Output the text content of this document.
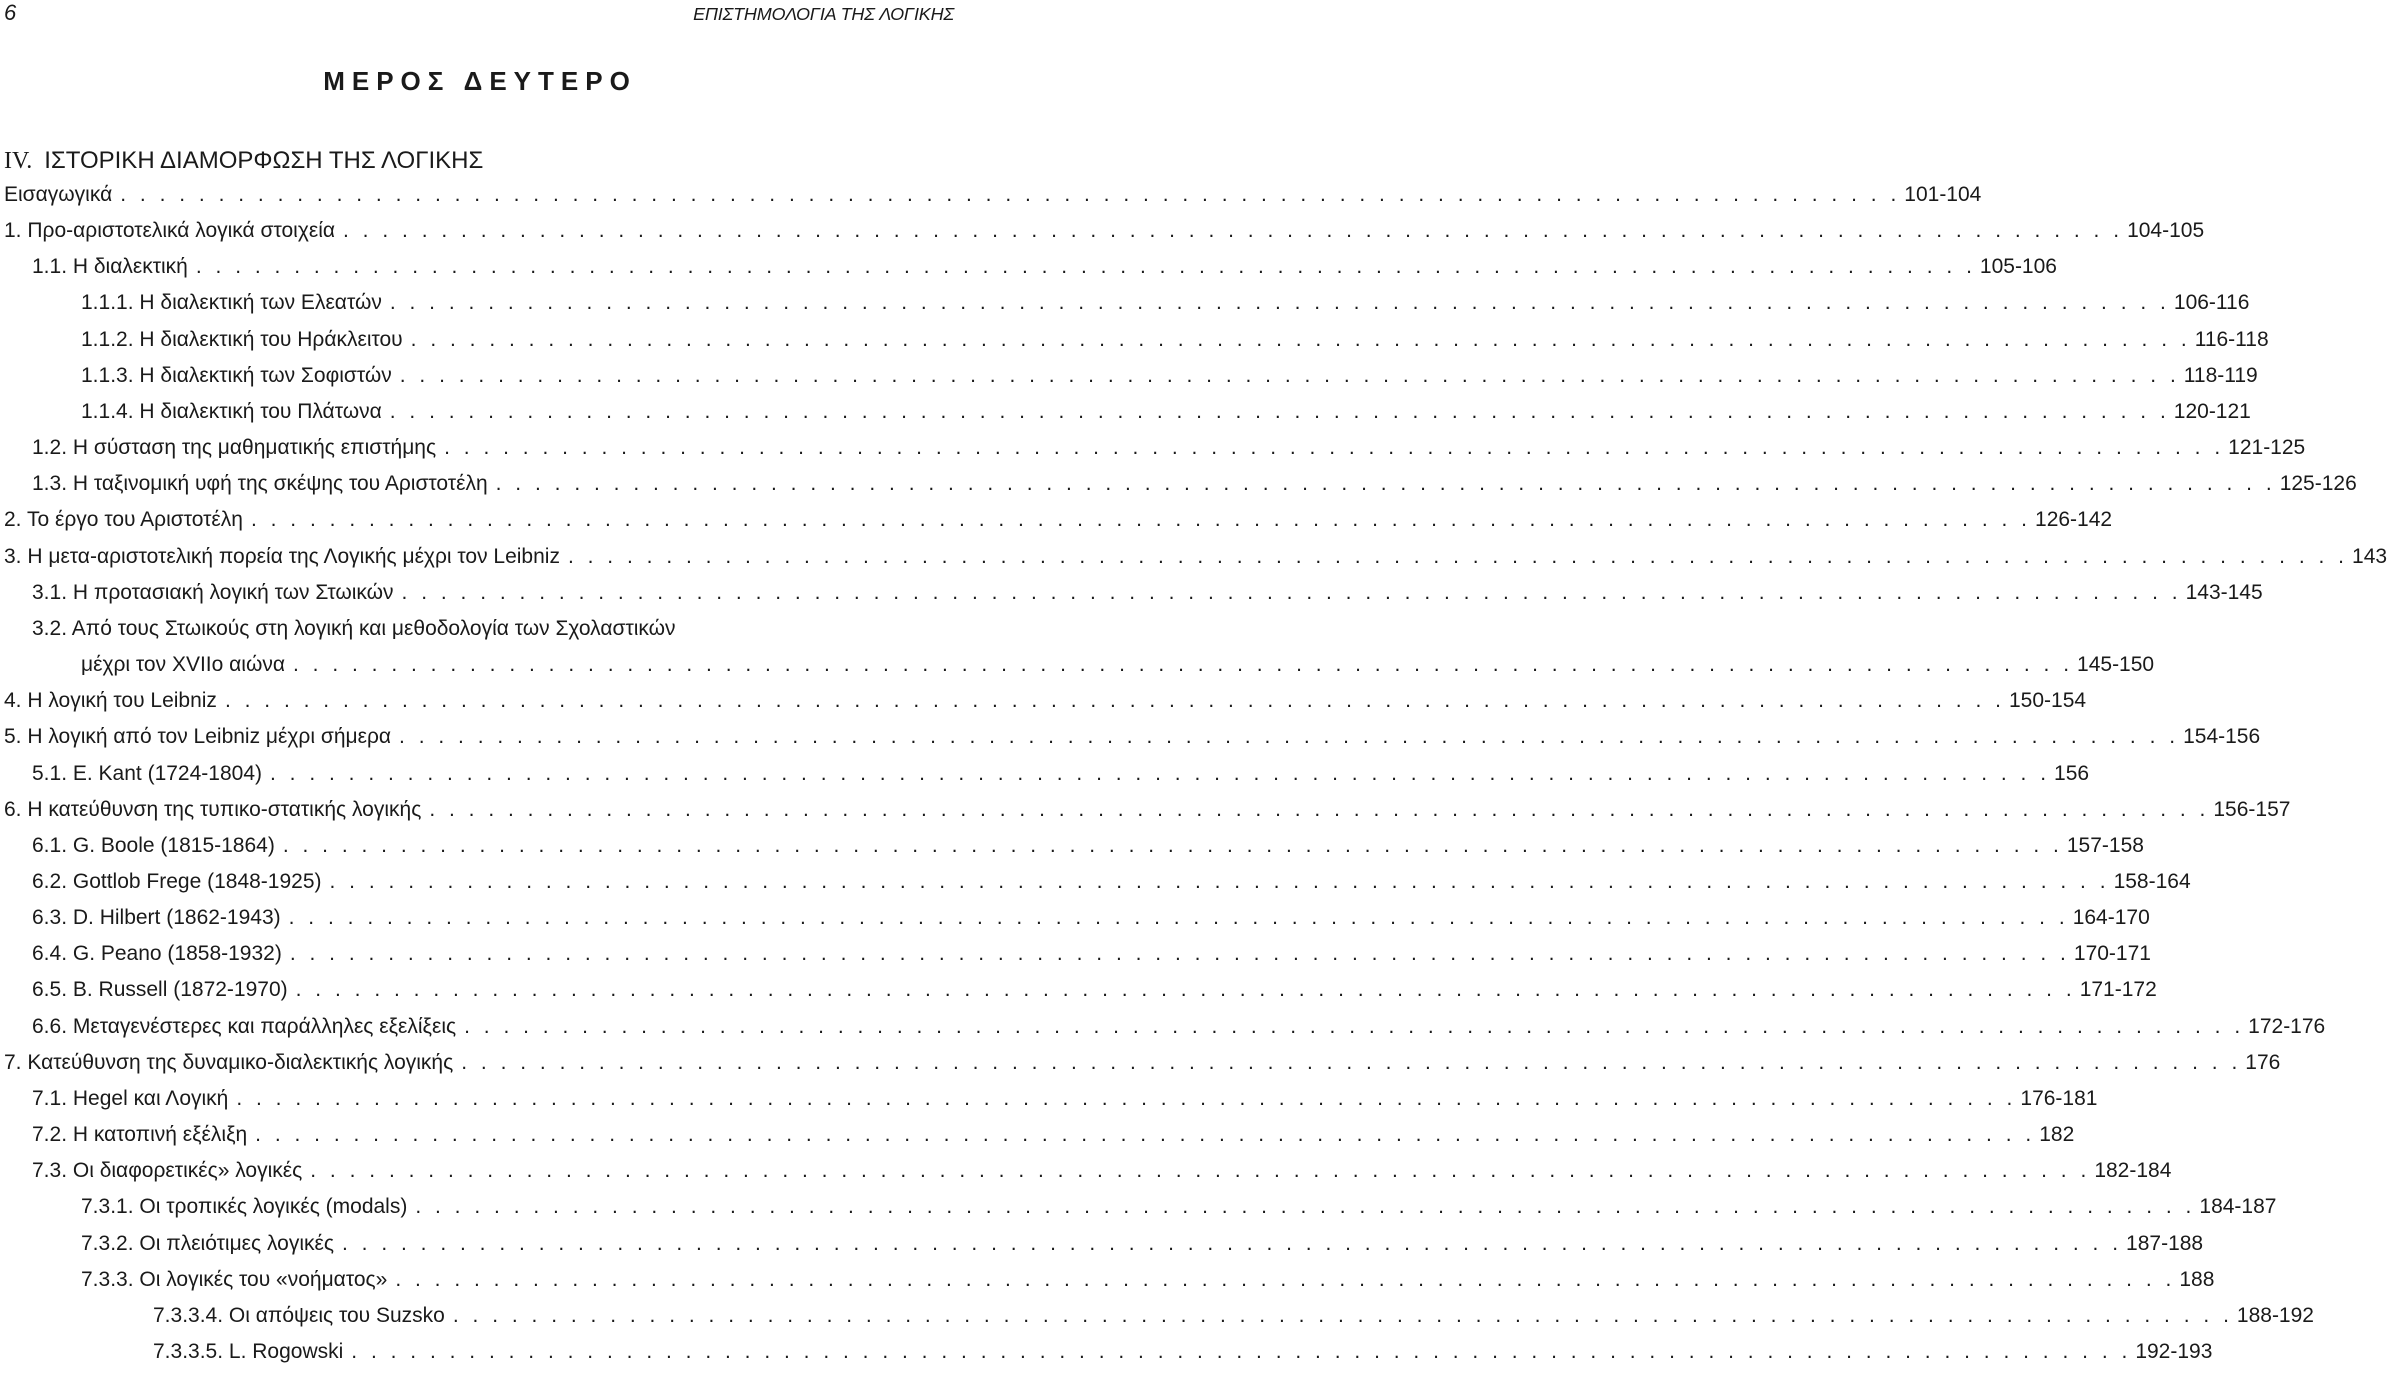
6	ΕΠΙΣΤΗΜΟΛΟΓΙΑ ΤΗΣ ΛΟΓΙΚΗΣ
ΜΕΡΟΣ ΔΕΥΤΕΡΟ
IV. ΙΣΤΟΡΙΚΗ ΔΙΑΜΟΡΦΩΣΗ ΤΗΣ ΛΟΓΙΚΗΣ
Εισαγωγικά . . . . . . . . . . . . . . . . . . . . . . . . . . . . . . . . . . . . . . . . . . . . . . . . . . . . . . . . . . . . . . . . . . . . . . . . . . . . . . . . . . . . . . . . . . . 101-104
1. Προ-αριστοτελικά λογικά στοιχεία . . . . . . . . . . . . . . . . . . . . . . . . . . . . . . . . . . . . . . . . . . . . . . . . . . . . . . . . . . . . . . . . . . . . . . . . . . . . . . . . . . . . . . . . . . . 104-105
1.1. Η διαλεκτική . . . . . . . . . . . . . . . . . . . . . . . . . . . . . . . . . . . . . . . . . . . . . . . . . . . . . . . . . . . . . . . . . . . . . . . . . . . . . . . . . . . . . . . . . . . 105-106
1.1.1. Η διαλεκτική των Ελεατών . . . . . . . . . . . . . . . . . . . . . . . . . . . . . . . . . . . . . . . . . . . . . . . . . . . . . . . . . . . . . . . . . . . . . . . . . . . . . . . . . . . . . . . . . . . 106-116
1.1.2. Η διαλεκτική του Ηράκλειτου . . . . . . . . . . . . . . . . . . . . . . . . . . . . . . . . . . . . . . . . . . . . . . . . . . . . . . . . . . . . . . . . . . . . . . . . . . . . . . . . . . . . . . . . . . . 116-118
1.1.3. Η διαλεκτική των Σοφιστών . . . . . . . . . . . . . . . . . . . . . . . . . . . . . . . . . . . . . . . . . . . . . . . . . . . . . . . . . . . . . . . . . . . . . . . . . . . . . . . . . . . . . . . . . . . 118-119
1.1.4. Η διαλεκτική του Πλάτωνα . . . . . . . . . . . . . . . . . . . . . . . . . . . . . . . . . . . . . . . . . . . . . . . . . . . . . . . . . . . . . . . . . . . . . . . . . . . . . . . . . . . . . . . . . . . 120-121
1.2. Η σύσταση της μαθηματικής επιστήμης . . . . . . . . . . . . . . . . . . . . . . . . . . . . . . . . . . . . . . . . . . . . . . . . . . . . . . . . . . . . . . . . . . . . . . . . . . . . . . . . . . . . . . . . . . . 121-125
1.3. Η ταξινομική υφή της σκέψης του Αριστοτέλη . . . . . . . . . . . . . . . . . . . . . . . . . . . . . . . . . . . . . . . . . . . . . . . . . . . . . . . . . . . . . . . . . . . . . . . . . . . . . . . . . . . . . . . . . . . 125-126
2. Το έργο του Αριστοτέλη . . . . . . . . . . . . . . . . . . . . . . . . . . . . . . . . . . . . . . . . . . . . . . . . . . . . . . . . . . . . . . . . . . . . . . . . . . . . . . . . . . . . . . . . . . . 126-142
3. Η μετα-αριστοτελική πορεία της Λογικής μέχρι τον Leibniz . . . . . . . . . . . . . . . . . . . . . . . . . . . . . . . . . . . . . . . . . . . . . . . . . . . . . . . . . . . . . . . . . . . . . . . . . . . . . . . . . . . . . . . . . . . 143
3.1. Η προτασιακή λογική των Στωικών . . . . . . . . . . . . . . . . . . . . . . . . . . . . . . . . . . . . . . . . . . . . . . . . . . . . . . . . . . . . . . . . . . . . . . . . . . . . . . . . . . . . . . . . . . . 143-145
3.2. Από τους Στωικούς στη λογική και μεθοδολογία των Σχολαστικών
μέχρι τον XVIIο αιώνα . . . . . . . . . . . . . . . . . . . . . . . . . . . . . . . . . . . . . . . . . . . . . . . . . . . . . . . . . . . . . . . . . . . . . . . . . . . . . . . . . . . . . . . . . . . 145-150
4. Η λογική του Leibniz . . . . . . . . . . . . . . . . . . . . . . . . . . . . . . . . . . . . . . . . . . . . . . . . . . . . . . . . . . . . . . . . . . . . . . . . . . . . . . . . . . . . . . . . . . . 150-154
5. Η λογική από τον Leibniz μέχρι σήμερα . . . . . . . . . . . . . . . . . . . . . . . . . . . . . . . . . . . . . . . . . . . . . . . . . . . . . . . . . . . . . . . . . . . . . . . . . . . . . . . . . . . . . . . . . . . 154-156
5.1. E. Kant (1724-1804) . . . . . . . . . . . . . . . . . . . . . . . . . . . . . . . . . . . . . . . . . . . . . . . . . . . . . . . . . . . . . . . . . . . . . . . . . . . . . . . . . . . . . . . . . . . 156
6. Η κατεύθυνση της τυπικο-στατικής λογικής . . . . . . . . . . . . . . . . . . . . . . . . . . . . . . . . . . . . . . . . . . . . . . . . . . . . . . . . . . . . . . . . . . . . . . . . . . . . . . . . . . . . . . . . . . . 156-157
6.1. G. Boole (1815-1864) . . . . . . . . . . . . . . . . . . . . . . . . . . . . . . . . . . . . . . . . . . . . . . . . . . . . . . . . . . . . . . . . . . . . . . . . . . . . . . . . . . . . . . . . . . . 157-158
6.2. Gottlob Frege (1848-1925) . . . . . . . . . . . . . . . . . . . . . . . . . . . . . . . . . . . . . . . . . . . . . . . . . . . . . . . . . . . . . . . . . . . . . . . . . . . . . . . . . . . . . . . . . . . 158-164
6.3. D. Hilbert (1862-1943) . . . . . . . . . . . . . . . . . . . . . . . . . . . . . . . . . . . . . . . . . . . . . . . . . . . . . . . . . . . . . . . . . . . . . . . . . . . . . . . . . . . . . . . . . . . 164-170
6.4. G. Peano (1858-1932) . . . . . . . . . . . . . . . . . . . . . . . . . . . . . . . . . . . . . . . . . . . . . . . . . . . . . . . . . . . . . . . . . . . . . . . . . . . . . . . . . . . . . . . . . . . 170-171
6.5. B. Russell (1872-1970) . . . . . . . . . . . . . . . . . . . . . . . . . . . . . . . . . . . . . . . . . . . . . . . . . . . . . . . . . . . . . . . . . . . . . . . . . . . . . . . . . . . . . . . . . . . 171-172
6.6. Μεταγενέστερες και παράλληλες εξελίξεις . . . . . . . . . . . . . . . . . . . . . . . . . . . . . . . . . . . . . . . . . . . . . . . . . . . . . . . . . . . . . . . . . . . . . . . . . . . . . . . . . . . . . . . . . . . 172-176
7. Κατεύθυνση της δυναμικο-διαλεκτικής λογικής . . . . . . . . . . . . . . . . . . . . . . . . . . . . . . . . . . . . . . . . . . . . . . . . . . . . . . . . . . . . . . . . . . . . . . . . . . . . . . . . . . . . . . . . . . . 176
7.1. Hegel και Λογική . . . . . . . . . . . . . . . . . . . . . . . . . . . . . . . . . . . . . . . . . . . . . . . . . . . . . . . . . . . . . . . . . . . . . . . . . . . . . . . . . . . . . . . . . . . 176-181
7.2. Η κατοπινή εξέλιξη . . . . . . . . . . . . . . . . . . . . . . . . . . . . . . . . . . . . . . . . . . . . . . . . . . . . . . . . . . . . . . . . . . . . . . . . . . . . . . . . . . . . . . . . . . . 182
7.3. Οι διαφορετικές» λογικές . . . . . . . . . . . . . . . . . . . . . . . . . . . . . . . . . . . . . . . . . . . . . . . . . . . . . . . . . . . . . . . . . . . . . . . . . . . . . . . . . . . . . . . . . . . 182-184
7.3.1. Οι τροπικές λογικές (modals) . . . . . . . . . . . . . . . . . . . . . . . . . . . . . . . . . . . . . . . . . . . . . . . . . . . . . . . . . . . . . . . . . . . . . . . . . . . . . . . . . . . . . . . . . . . 184-187
7.3.2. Οι πλειότιμες λογικές . . . . . . . . . . . . . . . . . . . . . . . . . . . . . . . . . . . . . . . . . . . . . . . . . . . . . . . . . . . . . . . . . . . . . . . . . . . . . . . . . . . . . . . . . . . 187-188
7.3.3. Οι λογικές του «νοήματος» . . . . . . . . . . . . . . . . . . . . . . . . . . . . . . . . . . . . . . . . . . . . . . . . . . . . . . . . . . . . . . . . . . . . . . . . . . . . . . . . . . . . . . . . . . . 188
7.3.3.4. Οι απόψεις του Suzsko . . . . . . . . . . . . . . . . . . . . . . . . . . . . . . . . . . . . . . . . . . . . . . . . . . . . . . . . . . . . . . . . . . . . . . . . . . . . . . . . . . . . . . . . . . . 188-192
7.3.3.5. L. Rogowski . . . . . . . . . . . . . . . . . . . . . . . . . . . . . . . . . . . . . . . . . . . . . . . . . . . . . . . . . . . . . . . . . . . . . . . . . . . . . . . . . . . . . . . . . . . 192-193
